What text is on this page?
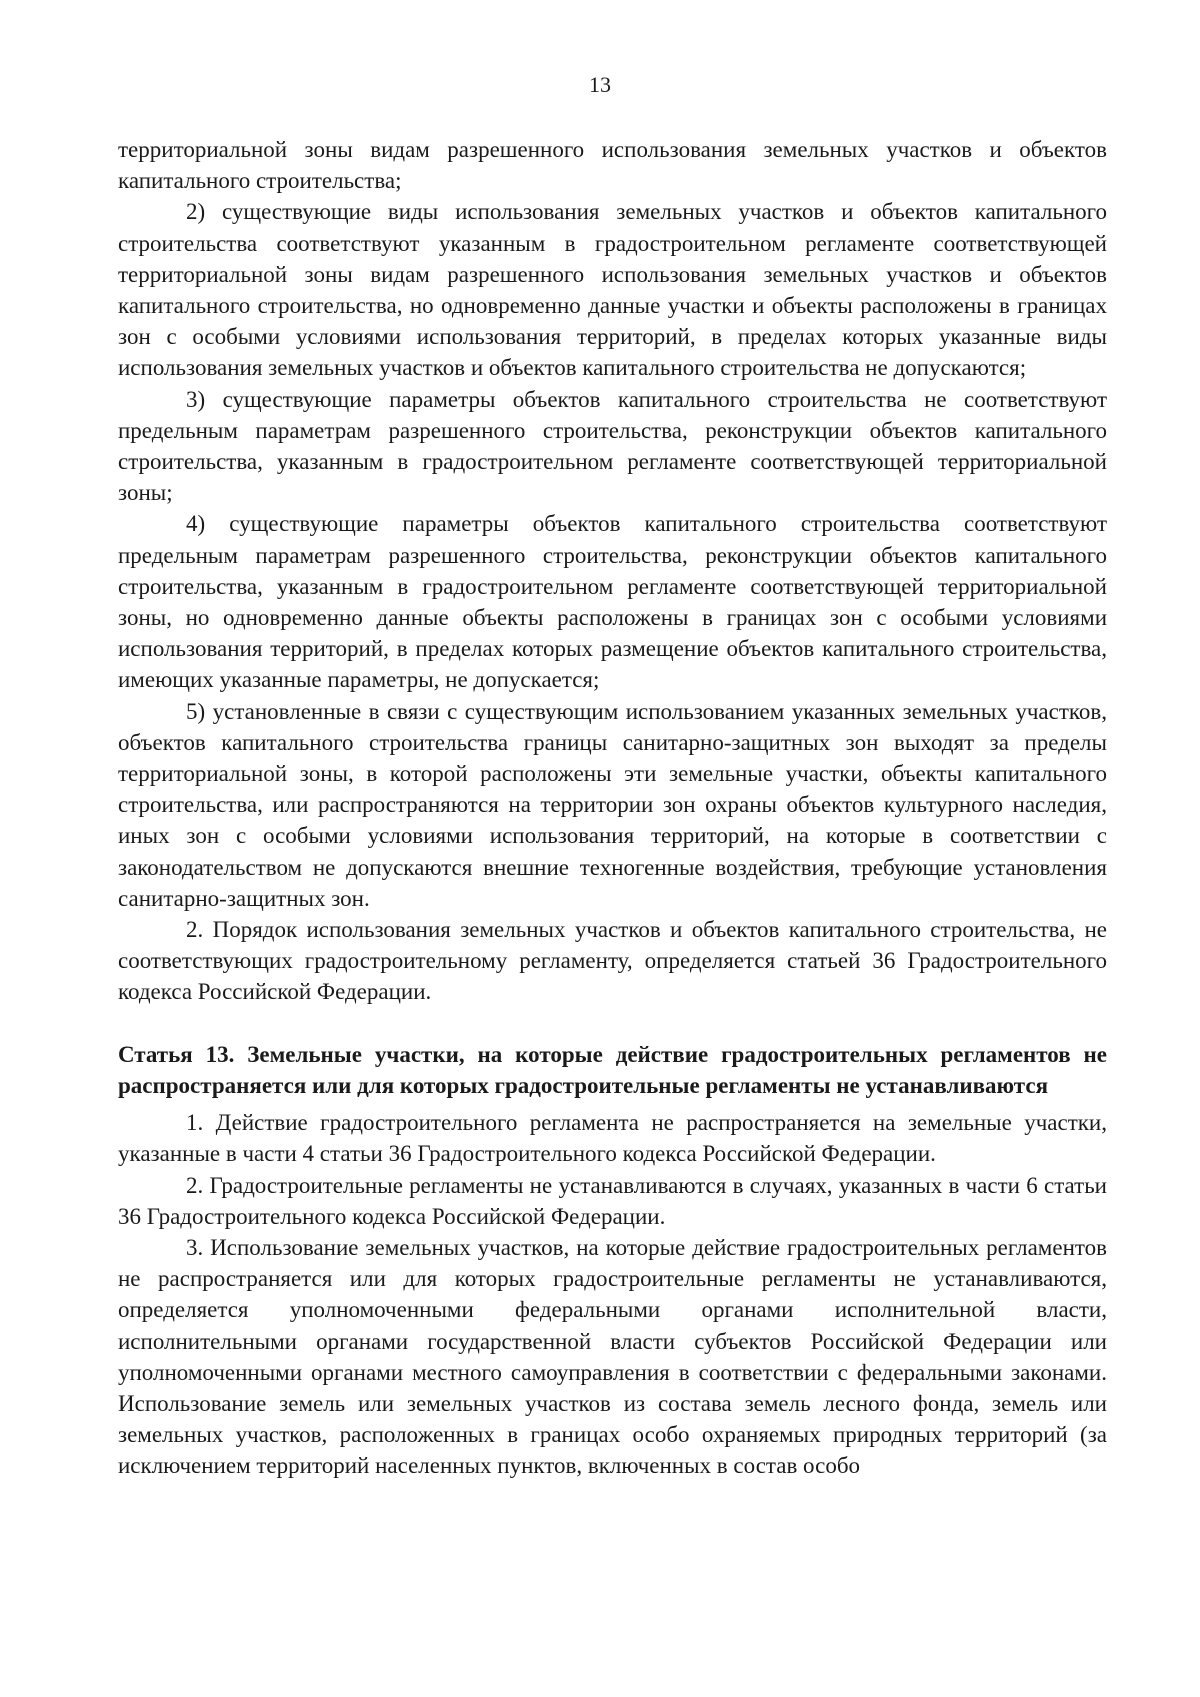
13

территориальной зоны видам разрешенного использования земельных участков и объектов капитального строительства;

2) существующие виды использования земельных участков и объектов капитального строительства соответствуют указанным в градостроительном регламенте соответствующей территориальной зоны видам разрешенного использования земельных участков и объектов капитального строительства, но одновременно данные участки и объекты расположены в границах зон с особыми условиями использования территорий, в пределах которых указанные виды использования земельных участков и объектов капитального строительства не допускаются;

3) существующие параметры объектов капитального строительства не соответствуют предельным параметрам разрешенного строительства, реконструкции объектов капитального строительства, указанным в градостроительном регламенте соответствующей территориальной зоны;

4) существующие параметры объектов капитального строительства соответствуют предельным параметрам разрешенного строительства, реконструкции объектов капитального строительства, указанным в градостроительном регламенте соответствующей территориальной зоны, но одновременно данные объекты расположены в границах зон с особыми условиями использования территорий, в пределах которых размещение объектов капитального строительства, имеющих указанные параметры, не допускается;

5) установленные в связи с существующим использованием указанных земельных участков, объектов капитального строительства границы санитарно-защитных зон выходят за пределы территориальной зоны, в которой расположены эти земельные участки, объекты капитального строительства, или распространяются на территории зон охраны объектов культурного наследия, иных зон с особыми условиями использования территорий, на которые в соответствии с законодательством не допускаются внешние техногенные воздействия, требующие установления санитарно-защитных зон.

2. Порядок использования земельных участков и объектов капитального строительства, не соответствующих градостроительному регламенту, определяется статьей 36 Градостроительного кодекса Российской Федерации.

Статья 13. Земельные участки, на которые действие градостроительных регламентов не распространяется или для которых градостроительные регламенты не устанавливаются

1. Действие градостроительного регламента не распространяется на земельные участки, указанные в части 4 статьи 36 Градостроительного кодекса Российской Федерации.

2. Градостроительные регламенты не устанавливаются в случаях, указанных в части 6 статьи 36 Градостроительного кодекса Российской Федерации.

3. Использование земельных участков, на которые действие градостроительных регламентов не распространяется или для которых градостроительные регламенты не устанавливаются, определяется уполномоченными федеральными органами исполнительной власти, исполнительными органами государственной власти субъектов Российской Федерации или уполномоченными органами местного самоуправления в соответствии с федеральными законами. Использование земель или земельных участков из состава земель лесного фонда, земель или земельных участков, расположенных в границах особо охраняемых природных территорий (за исключением территорий населенных пунктов, включенных в состав особо
